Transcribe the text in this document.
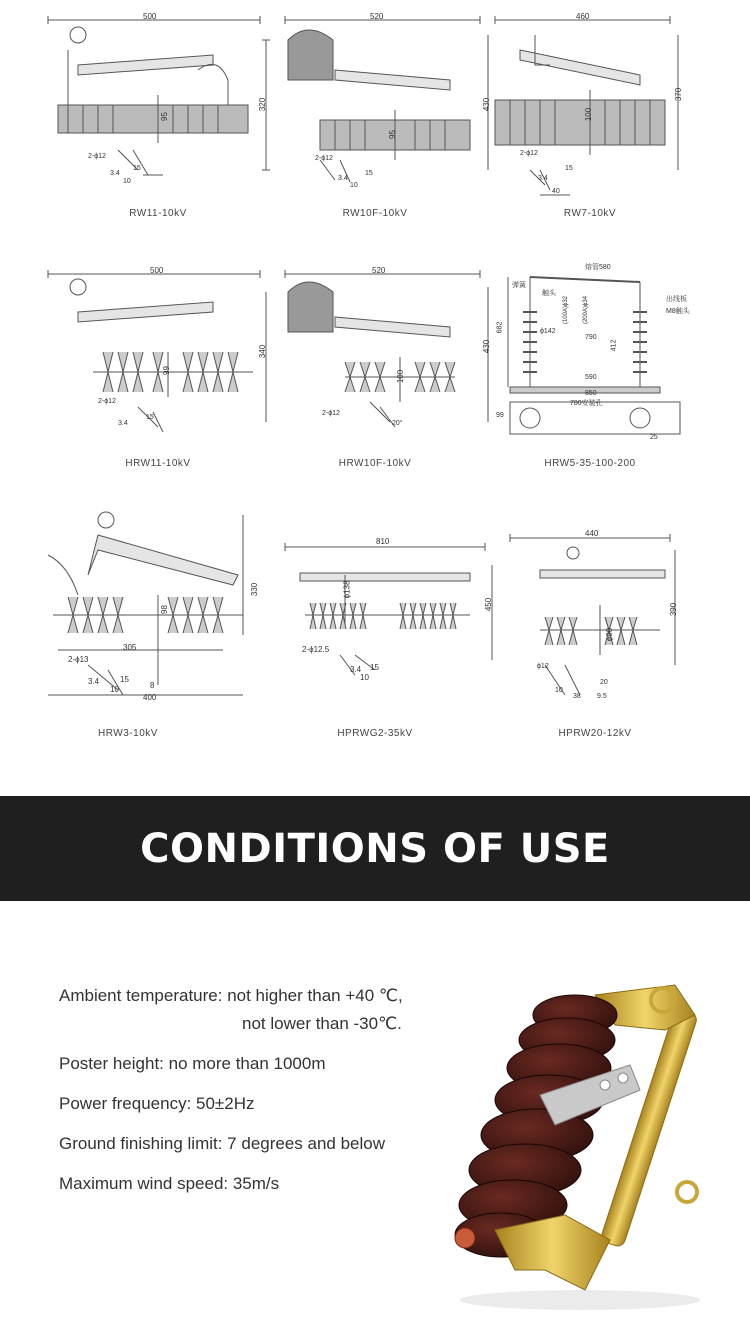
500
320
95
2-ϕ12
15
3.4
10
RW11-10kV
520
430
95
2-ϕ12
15
3.4
10
RW10F-10kV
460
370
100
2-ϕ12
15
3.4
40
RW7-10kV
500
340
99
2-ϕ12
15
3.4
HRW11-10kV
520
430
100
2-ϕ12
20°
HRW10F-10kV
熔管580
弹簧
触头
(100A)ϕ32 (200A)ϕ34	出线板
M8触头
682	ϕ142
412
790
590
850
780安装孔
99
25
HRW5-35-100-200
330
98
2-ϕ13
305
400
15
3.4
10	8
HRW3-10kV
810
450
ϕ138
2-ϕ12.5
15
3.4
10
HPRWG2-35kV
440
390
ϕ90
ϕ12
20
38 9.5
10
HPRW20-12kV
CONDITIONS OF USE
Ambient temperature: not higher than +40 ℃,
not lower than -30℃.
Poster height: no more than 1000m
Power frequency: 50±2Hz
Ground finishing limit: 7 degrees and below
Maximum wind speed: 35m/s
